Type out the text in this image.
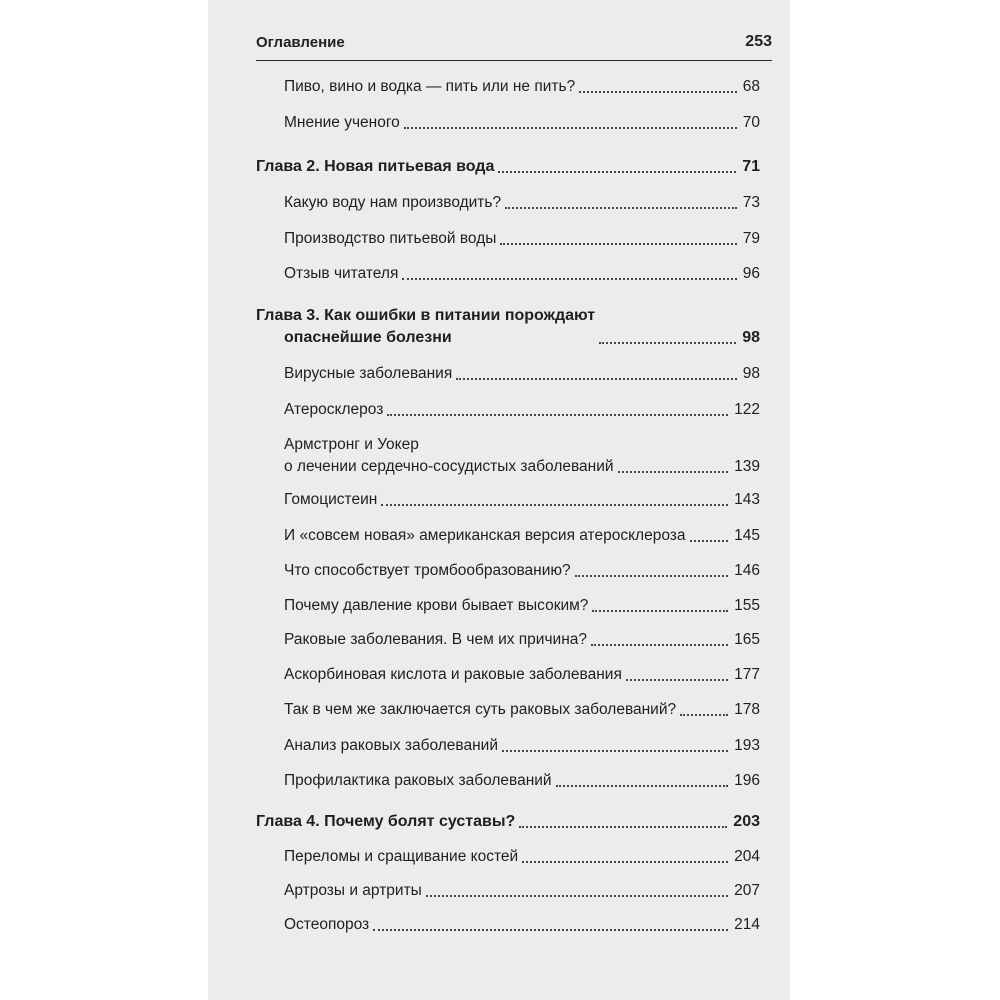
Оглавление	253
Пиво, вино и водка — пить или не пить?	68
Мнение ученого	70
Глава 2. Новая питьевая вода	71
Какую воду нам производить?	73
Производство питьевой воды	79
Отзыв читателя	96
Глава 3. Как ошибки в питании порождают
опаснейшие болезни	98
Вирусные заболевания	98
Атеросклероз	122
Армстронг и Уокер
о лечении сердечно-сосудистых заболеваний	139
Гомоцистеин	143
И «совсем новая» американская версия атеросклероза	145
Что способствует тромбообразованию?	146
Почему давление крови бывает высоким?	155
Раковые заболевания. В чем их причина?	165
Аскорбиновая кислота и раковые заболевания	177
Так в чем же заключается суть раковых заболеваний?	178
Анализ раковых заболеваний	193
Профилактика раковых заболеваний	196
Глава 4. Почему болят суставы?	203
Переломы и сращивание костей	204
Артрозы и артриты	207
Остеопороз	214
